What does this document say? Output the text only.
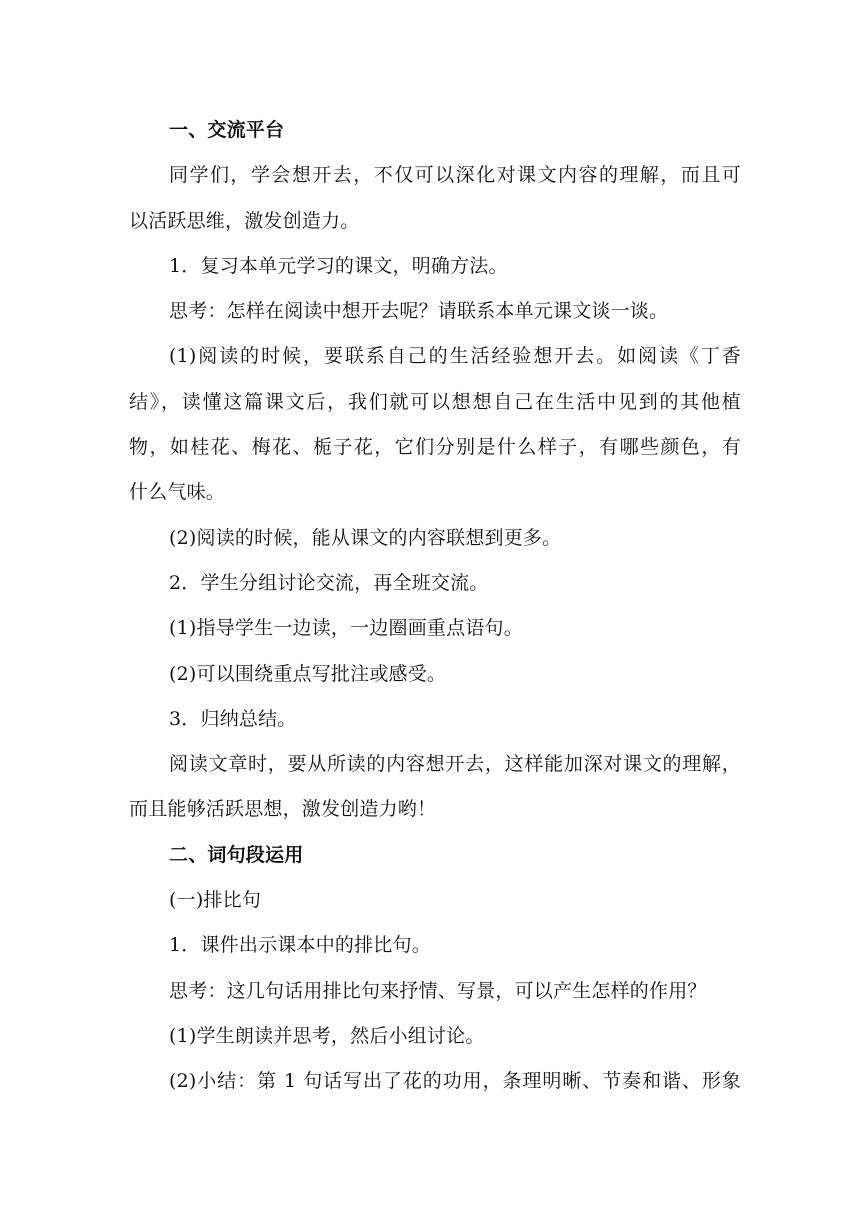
一、交流平台
同学们，学会想开去，不仅可以深化对课文内容的理解，而且可
以活跃思维，激发创造力。
1．复习本单元学习的课文，明确方法。
思考：怎样在阅读中想开去呢？请联系本单元课文谈一谈。
(1)阅读的时候，要联系自己的生活经验想开去。如阅读《丁香
结》，读懂这篇课文后，我们就可以想想自己在生活中见到的其他植
物，如桂花、梅花、栀子花，它们分别是什么样子，有哪些颜色，有
什么气味。
(2)阅读的时候，能从课文的内容联想到更多。
2．学生分组讨论交流，再全班交流。
(1)指导学生一边读，一边圈画重点语句。
(2)可以围绕重点写批注或感受。
3．归纳总结。
阅读文章时，要从所读的内容想开去，这样能加深对课文的理解，
而且能够活跃思想，激发创造力哟！
二、词句段运用
(一)排比句
1．课件出示课本中的排比句。
思考：这几句话用排比句来抒情、写景，可以产生怎样的作用？
(1)学生朗读并思考，然后小组讨论。
(2)小结：第 1 句话写出了花的功用，条理明晰、节奏和谐、形象
